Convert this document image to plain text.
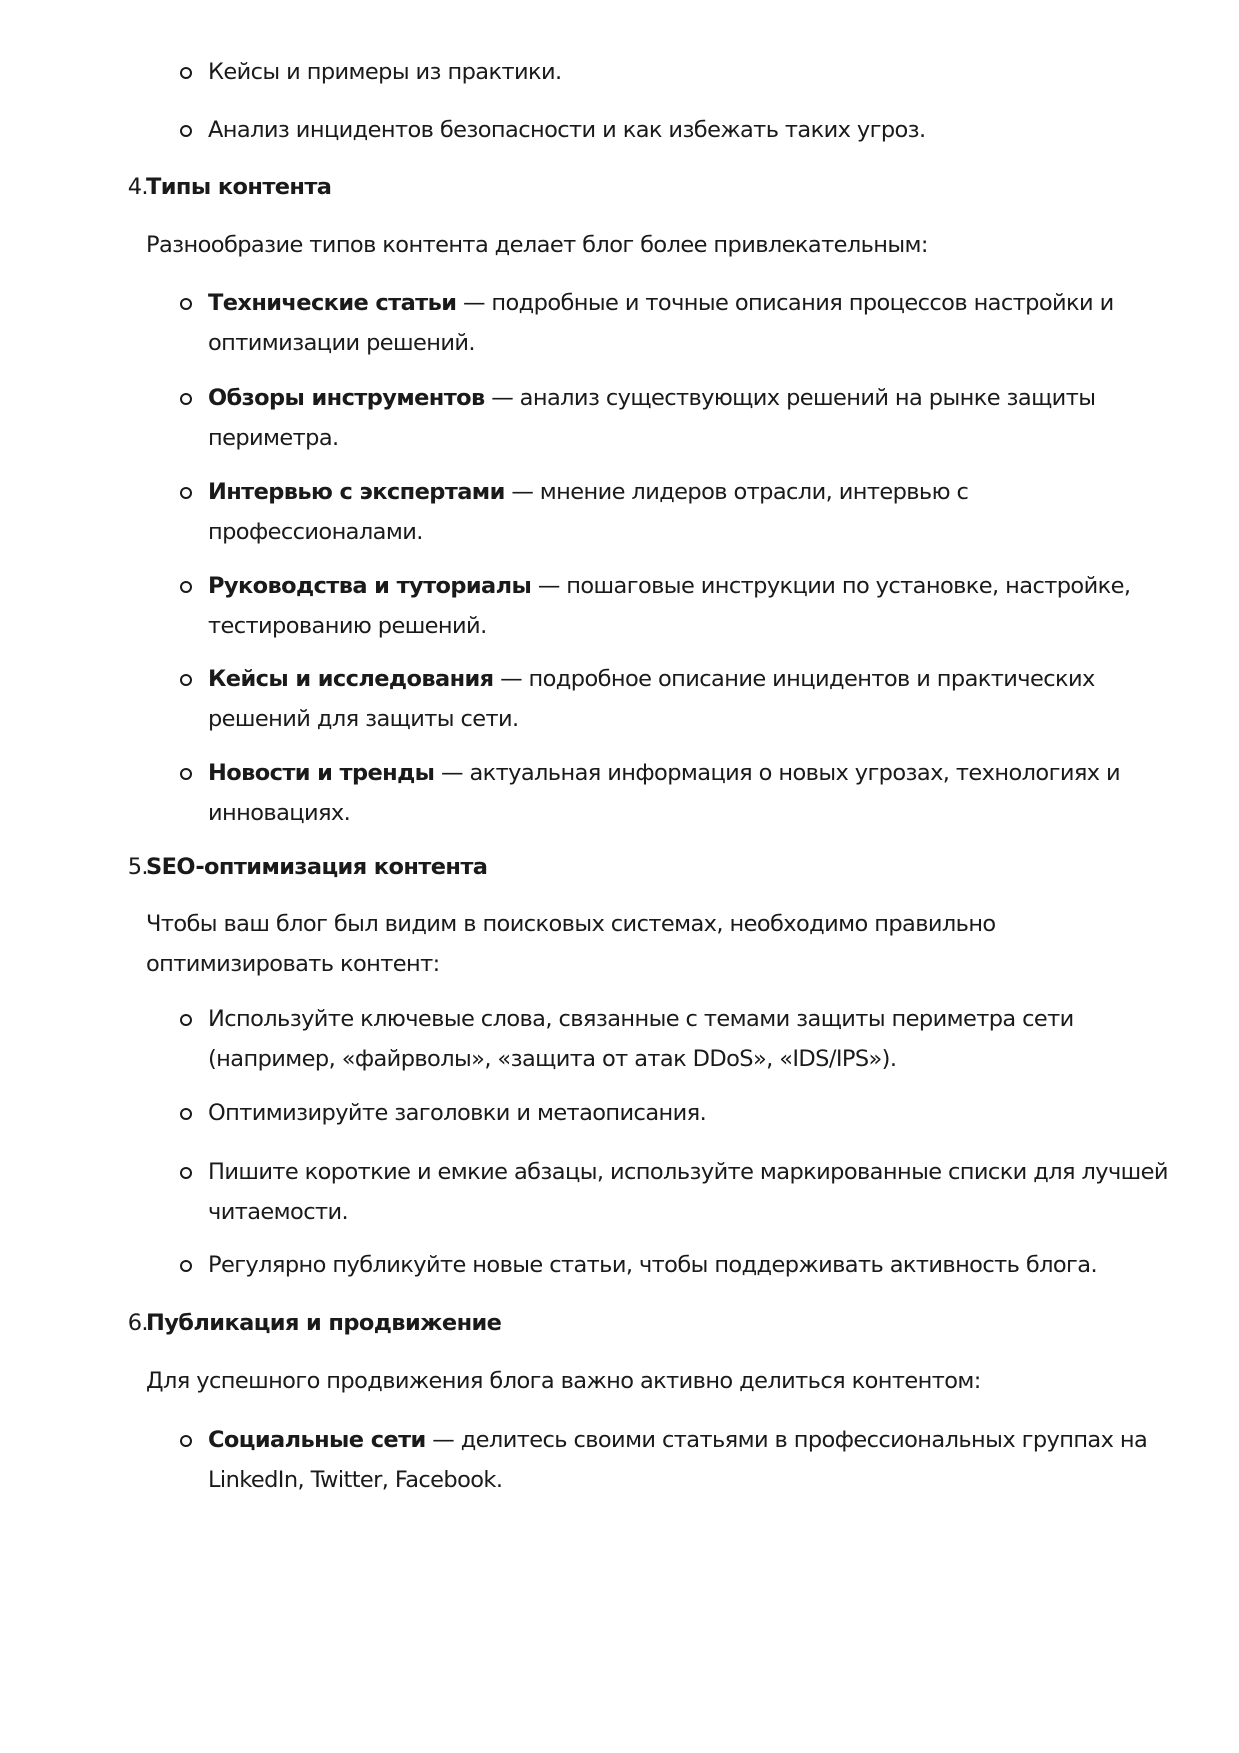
Кейсы и примеры из практики.
Анализ инцидентов безопасности и как избежать таких угроз.
4.
Типы контента
Разнообразие типов контента делает блог более привлекательным:
Технические статьи — подробные и точные описания процессов настройки и оптимизации решений.
Обзоры инструментов — анализ существующих решений на рынке защиты периметра.
Интервью с экспертами — мнение лидеров отрасли, интервью с профессионалами.
Руководства и туториалы — пошаговые инструкции по установке, настройке, тестированию решений.
Кейсы и исследования — подробное описание инцидентов и практических решений для защиты сети.
Новости и тренды — актуальная информация о новых угрозах, технологиях и инновациях.
5.
SEO-оптимизация контента
Чтобы ваш блог был видим в поисковых системах, необходимо правильно оптимизировать контент:
Используйте ключевые слова, связанные с темами защиты периметра сети (например, «файрволы», «защита от атак DDoS», «IDS/IPS»).
Оптимизируйте заголовки и метаописания.
Пишите короткие и емкие абзацы, используйте маркированные списки для лучшей читаемости.
Регулярно публикуйте новые статьи, чтобы поддерживать активность блога.
6.
Публикация и продвижение
Для успешного продвижения блога важно активно делиться контентом:
Социальные сети — делитесь своими статьями в профессиональных группах на LinkedIn, Twitter, Facebook.
